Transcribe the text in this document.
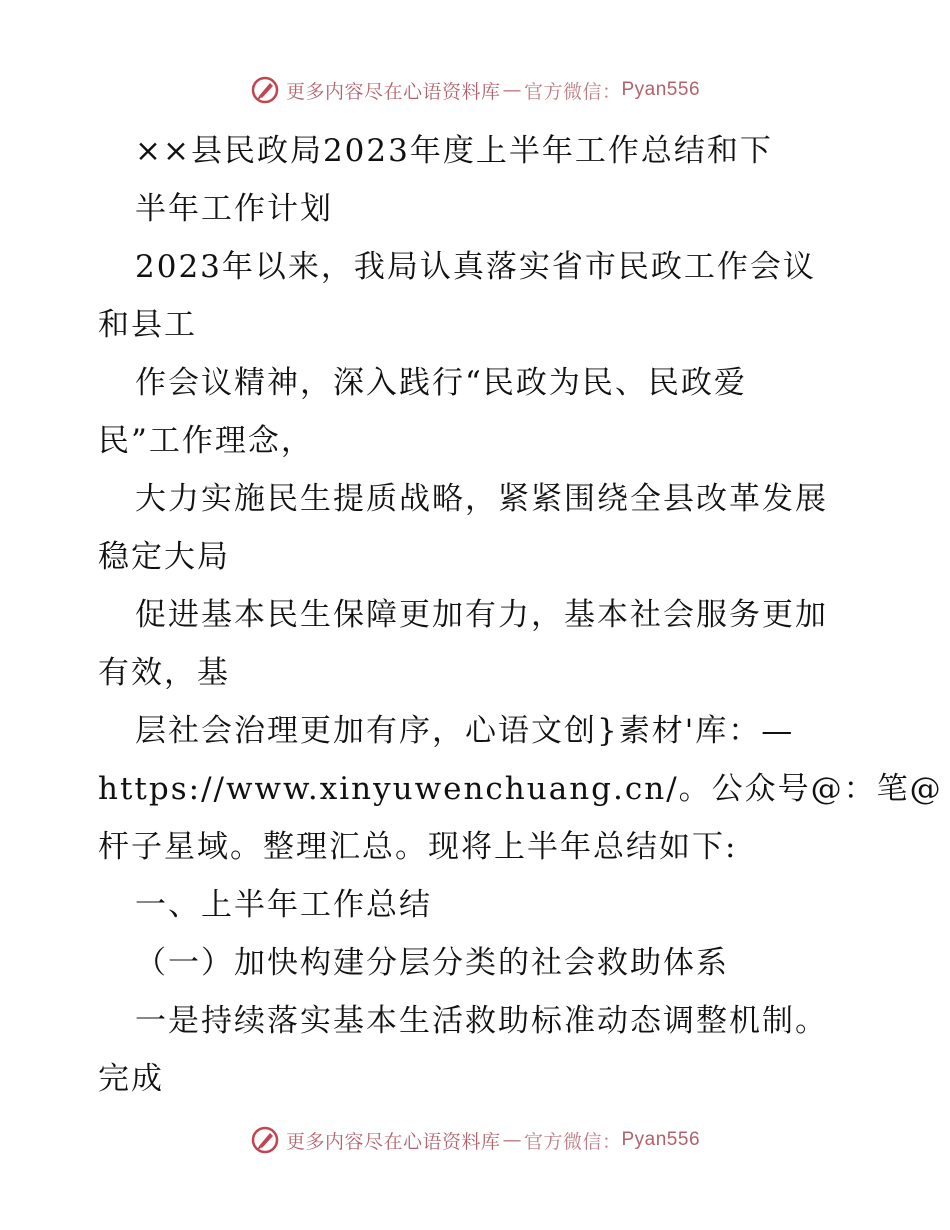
更多内容尽在心语资料库 — 官方微信： Pyan556
××县民政局2023年度上半年工作总结和下
半年工作计划
2023年以来，我局认真落实省市民政工作会议
和县工
作会议精神，深入践行“民政为民、民政爱
民”工作理念，
大力实施民生提质战略，紧紧围绕全县改革发展
稳定大局
促进基本民生保障更加有力，基本社会服务更加
有效，基
层社会治理更加有序，心语文创}素材'库：—
https://www.xinyuwenchuang.cn/。公众号@：笔@
杆子星域。整理汇总。现将上半年总结如下:
一、上半年工作总结
（一）加快构建分层分类的社会救助体系
一是持续落实基本生活救助标准动态调整机制。
完成
更多内容尽在心语资料库 — 官方微信： Pyan556
